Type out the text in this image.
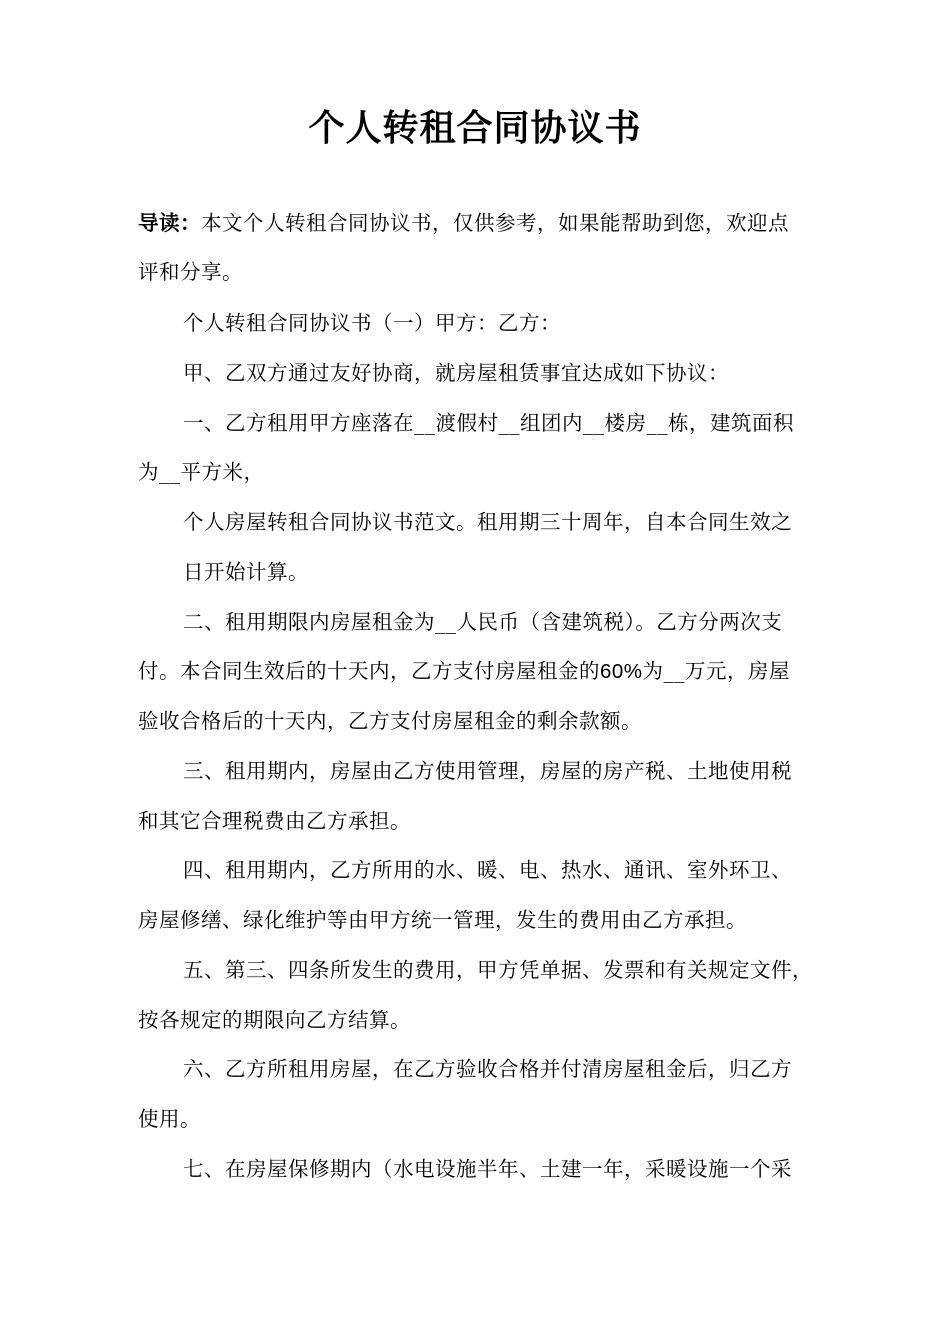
个人转租合同协议书
导读：本文个人转租合同协议书，仅供参考，如果能帮助到您，欢迎点
评和分享。
个人转租合同协议书（一）甲方：乙方：
甲、乙双方通过友好协商，就房屋租赁事宜达成如下协议：
一、乙方租用甲方座落在__渡假村__组团内__楼房__栋，建筑面积
为__平方米，
个人房屋转租合同协议书范文。租用期三十周年，自本合同生效之
日开始计算。
二、租用期限内房屋租金为__人民币（含建筑税）。乙方分两次支
付。本合同生效后的十天内，乙方支付房屋租金的60%为__万元，房屋
验收合格后的十天内，乙方支付房屋租金的剩余款额。
三、租用期内，房屋由乙方使用管理，房屋的房产税、土地使用税
和其它合理税费由乙方承担。
四、租用期内，乙方所用的水、暖、电、热水、通讯、室外环卫、
房屋修缮、绿化维护等由甲方统一管理，发生的费用由乙方承担。
五、第三、四条所发生的费用，甲方凭单据、发票和有关规定文件，
按各规定的期限向乙方结算。
六、乙方所租用房屋，在乙方验收合格并付清房屋租金后，归乙方
使用。
七、在房屋保修期内（水电设施半年、土建一年，采暖设施一个采
